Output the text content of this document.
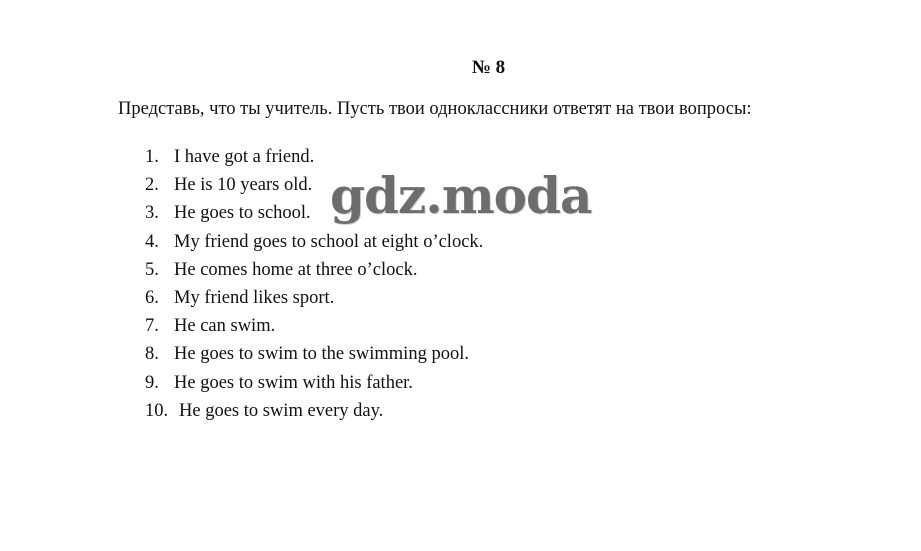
№ 8
Представь, что ты учитель. Пусть твои одноклассники ответят на твои вопросы:
1. I have got a friend.
2. He is 10 years old.
3. He goes to school.
4. My friend goes to school at eight o’clock.
5. He comes home at three o’clock.
6. My friend likes sport.
7. He can swim.
8. He goes to swim to the swimming pool.
9. He goes to swim with his father.
10. He goes to swim every day.
gdz.moda
